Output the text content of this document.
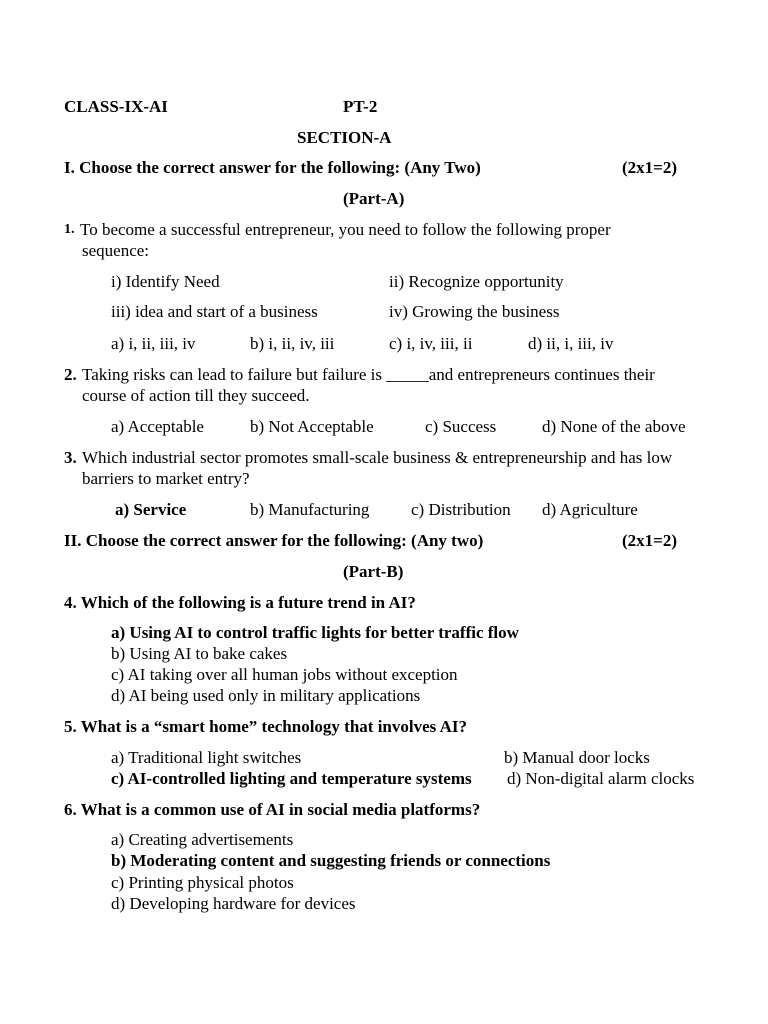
CLASS-IX-AI	PT-2
SECTION-A
I. Choose the correct answer for the following: (Any Two)	(2x1=2)
(Part-A)
1. To become a successful entrepreneur, you need to follow the following proper
sequence:
i) Identify Need	ii) Recognize opportunity
iii) idea and start of a business	iv) Growing the business
a) i, ii, iii, iv	b) i, ii, iv, iii	c) i, iv, iii, ii	d) ii, i, iii, iv
2. Taking risks can lead to failure but failure is _____and entrepreneurs continues their
course of action till they succeed.
a) Acceptable	b) Not Acceptable	c) Success	d) None of the above
3. Which industrial sector promotes small-scale business & entrepreneurship and has low
barriers to market entry?
a) Service	b) Manufacturing c) Distribution d) Agriculture
II. Choose the correct answer for the following: (Any two)	(2x1=2)
(Part-B)
4. Which of the following is a future trend in AI?
a) Using AI to control traffic lights for better traffic flow
b) Using AI to bake cakes
c) AI taking over all human jobs without exception
d) AI being used only in military applications
5. What is a “smart home” technology that involves AI?
a) Traditional light switches	b) Manual door locks
c) AI-controlled lighting and temperature systems d) Non-digital alarm clocks
6. What is a common use of AI in social media platforms?
a) Creating advertisements
b) Moderating content and suggesting friends or connections
c) Printing physical photos
d) Developing hardware for devices
